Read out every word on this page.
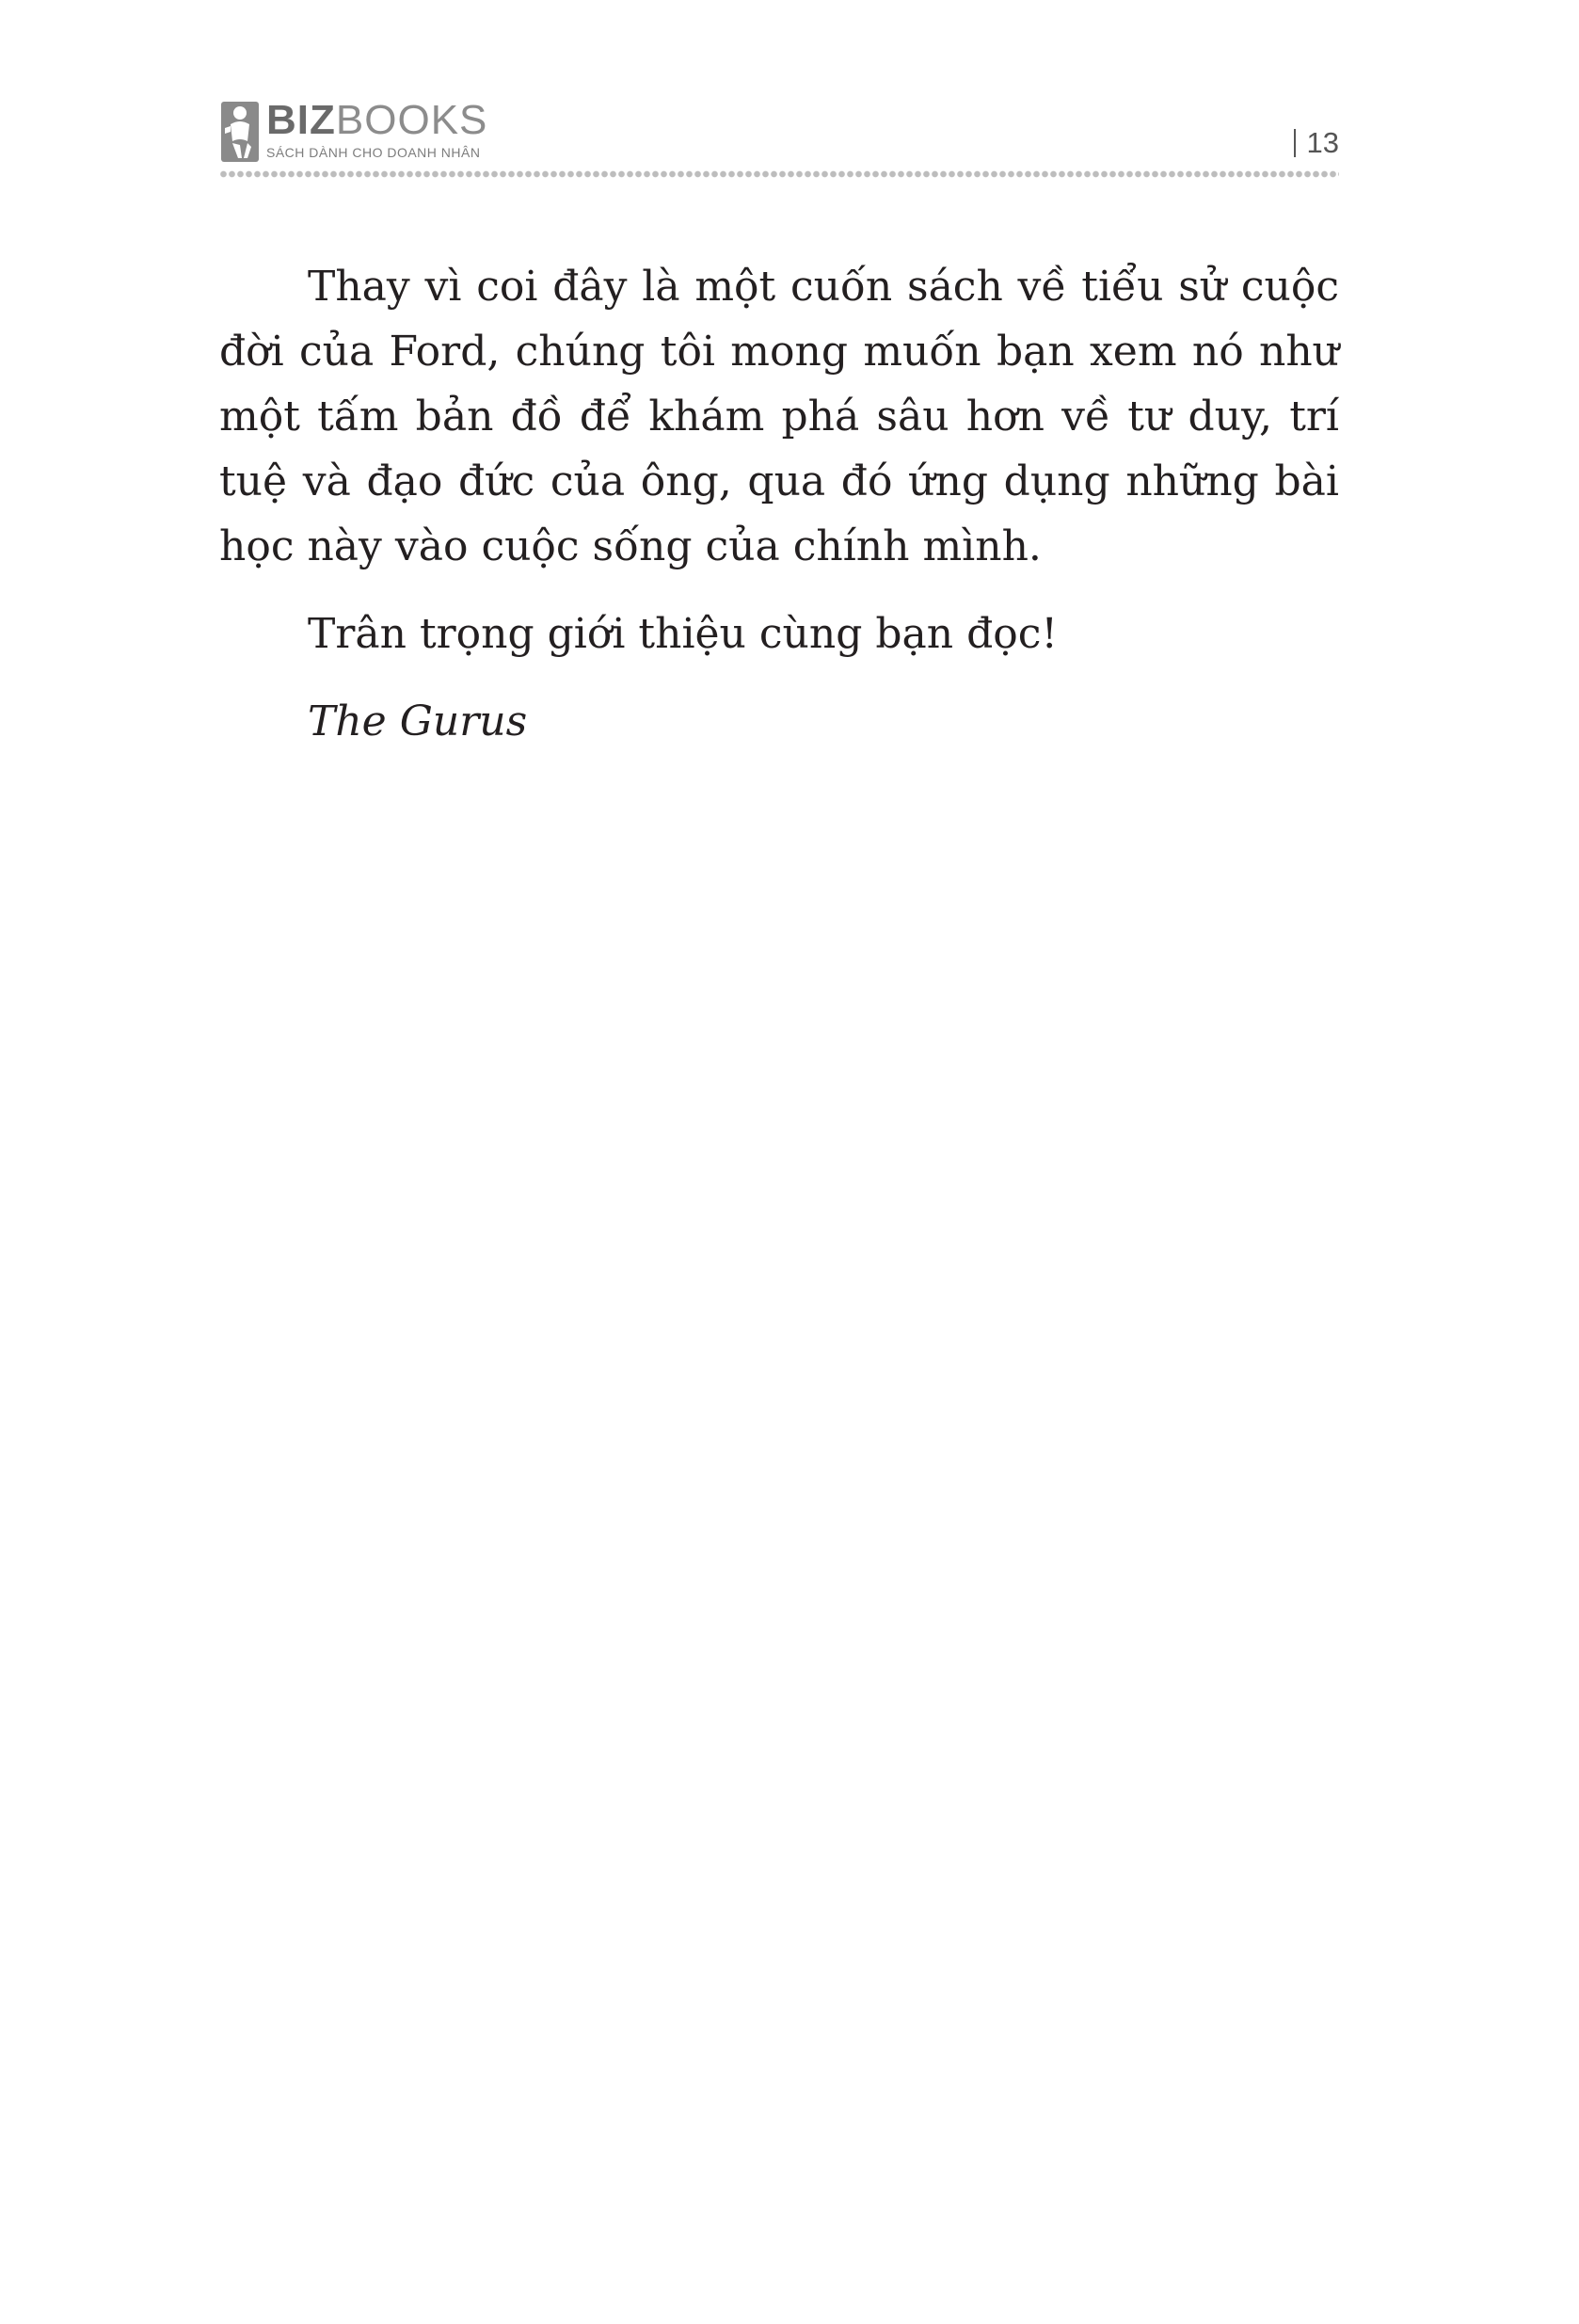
BIZBOOKS
SÁCH DÀNH CHO DOANH NHÂN	13

Thay vì coi đây là một cuốn sách về tiểu sử cuộc đời của Ford, chúng tôi mong muốn bạn xem nó như một tấm bản đồ để khám phá sâu hơn về tư duy, trí tuệ và đạo đức của ông, qua đó ứng dụng những bài học này vào cuộc sống của chính mình.

Trân trọng giới thiệu cùng bạn đọc!

The Gurus
